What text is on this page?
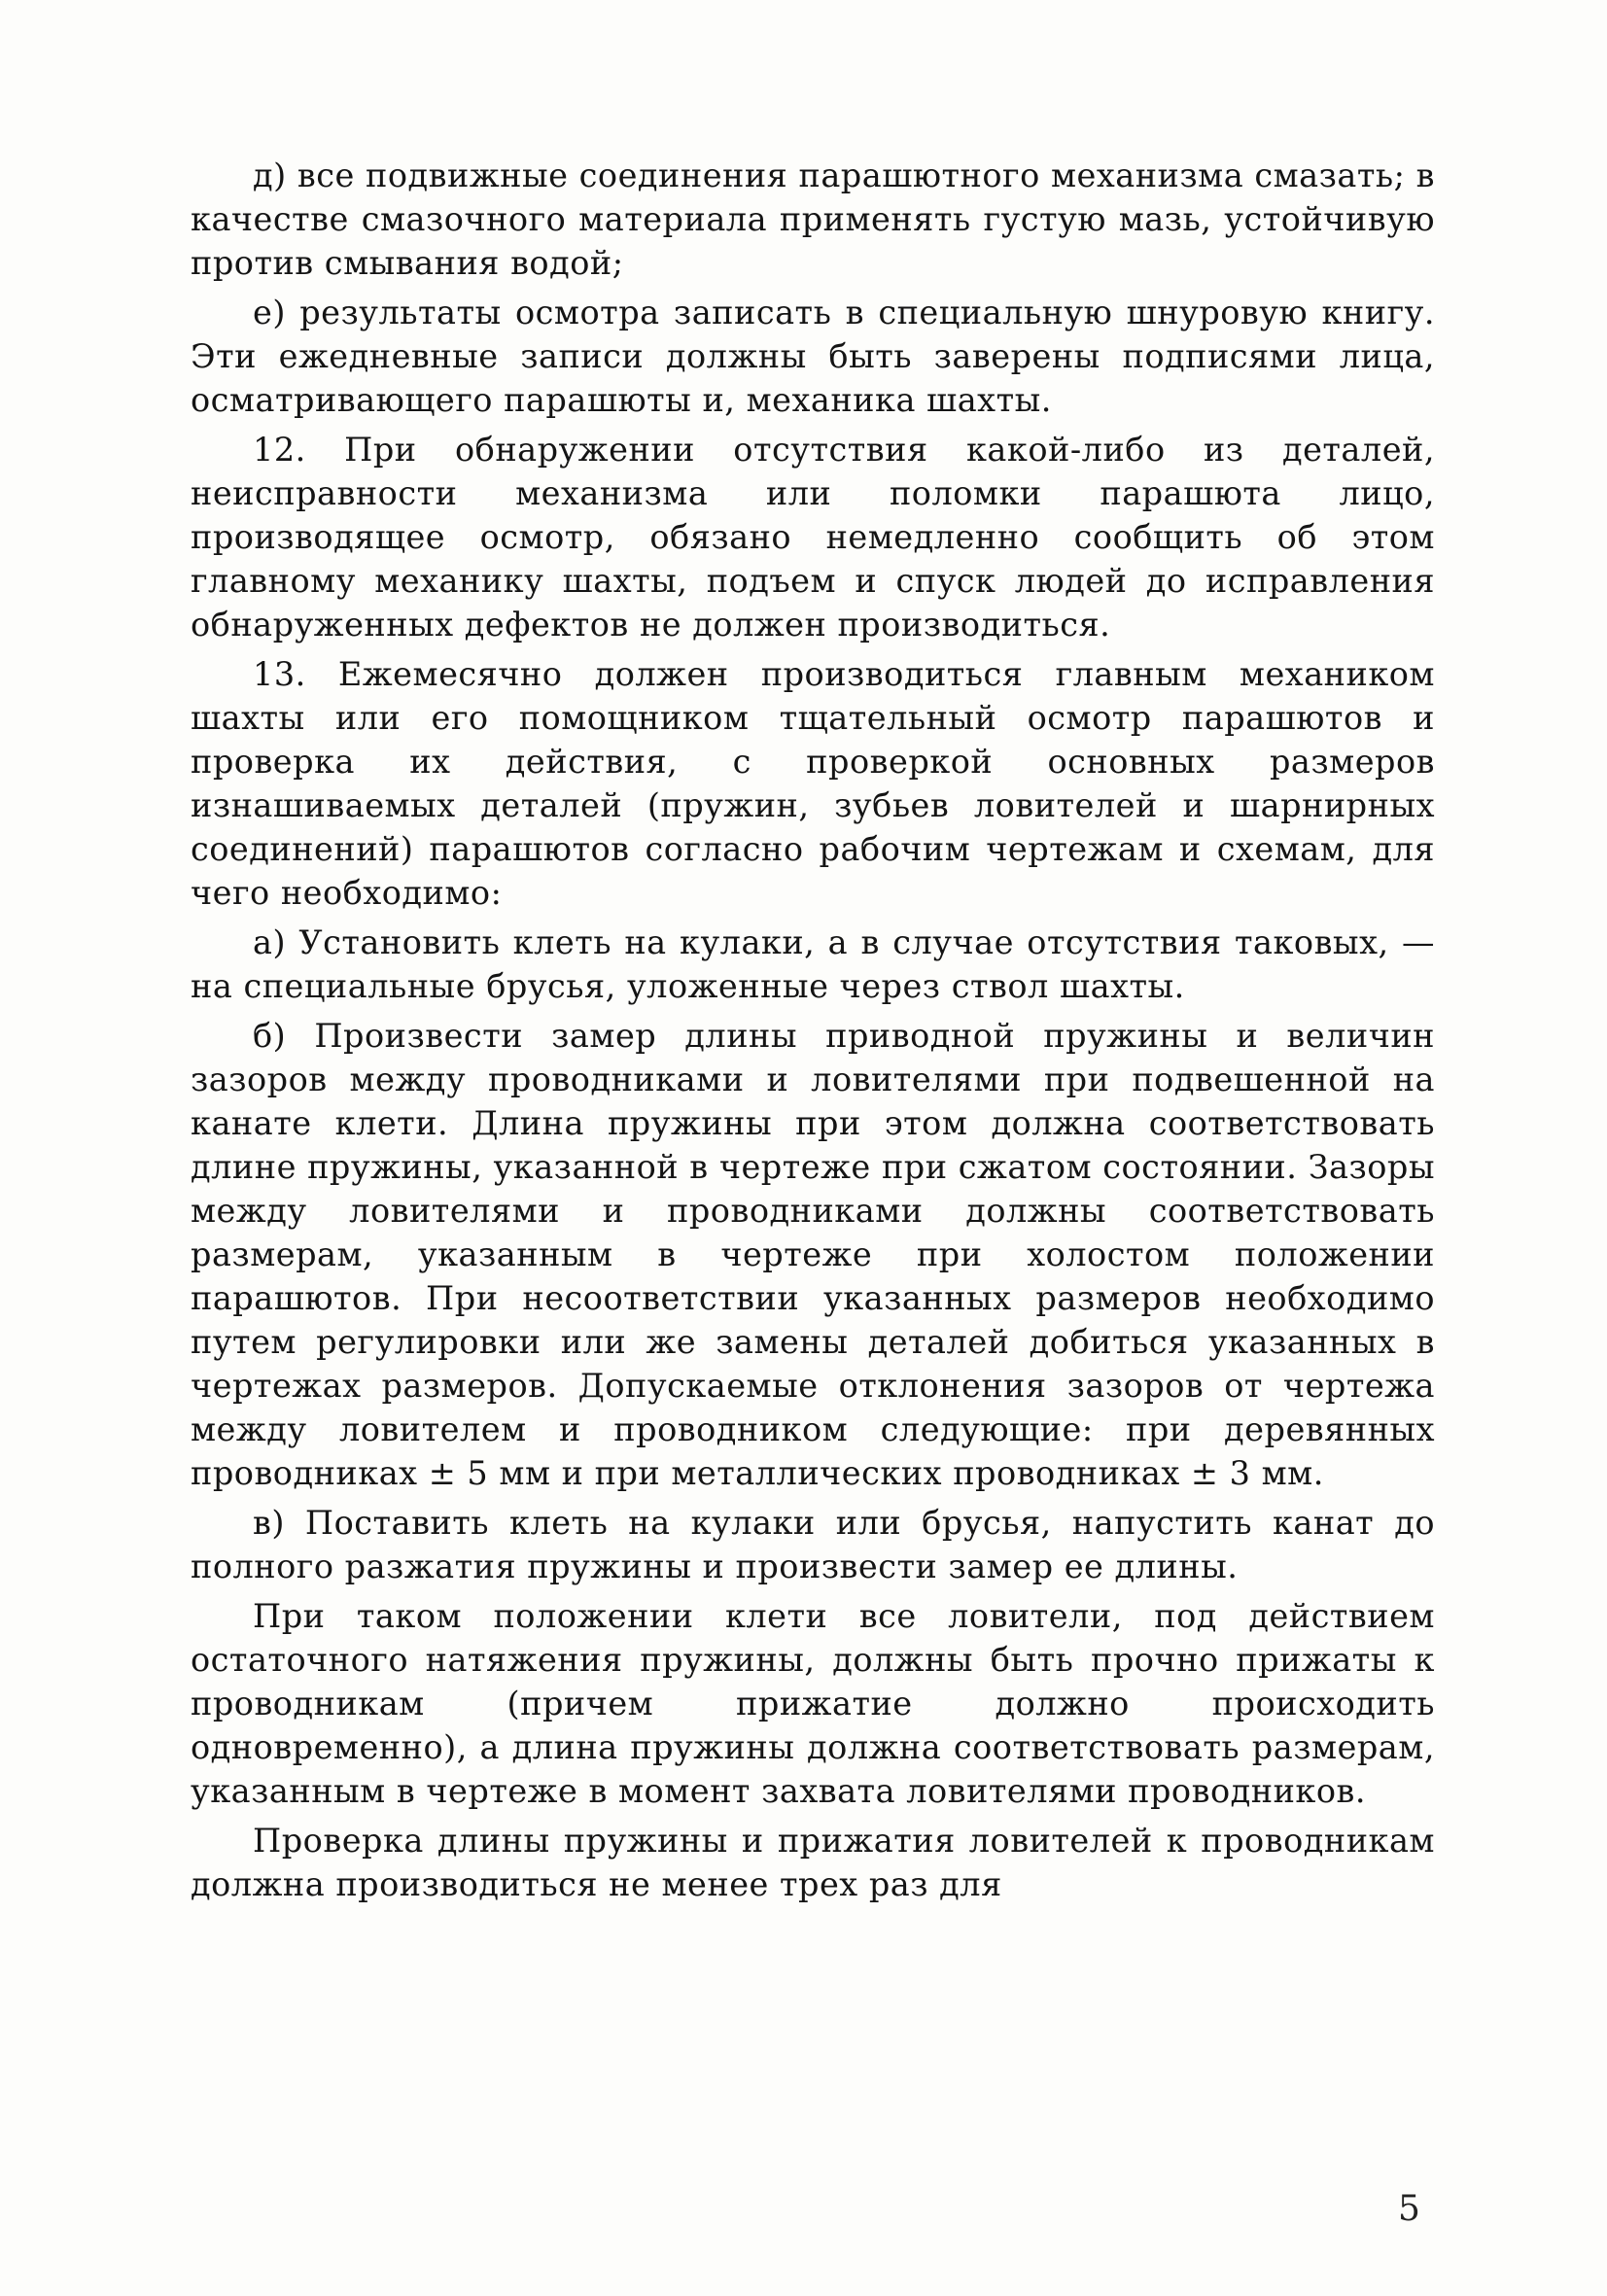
д) все подвижные соединения парашютного механизма смазать; в качестве смазочного материала применять густую мазь, устойчивую против смывания водой;

е) результаты осмотра записать в специальную шнуровую книгу. Эти ежедневные записи должны быть заверены подписями лица, осматривающего парашюты и, механика шахты.

12. При обнаружении отсутствия какой-либо из деталей, неисправности механизма или поломки парашюта лицо, производящее осмотр, обязано немедленно сообщить об этом главному механику шахты, подъем и спуск людей до исправления обнаруженных дефектов не должен производиться.

13. Ежемесячно должен производиться главным механиком шахты или его помощником тщательный осмотр парашютов и проверка их действия, с проверкой основных размеров изнашиваемых деталей (пружин, зубьев ловителей и шарнирных соединений) парашютов согласно рабочим чертежам и схемам, для чего необходимо:

а) Установить клеть на кулаки, а в случае отсутствия таковых, — на специальные брусья, уложенные через ствол шахты.

б) Произвести замер длины приводной пружины и величин зазоров между проводниками и ловителями при подвешенной на канате клети. Длина пружины при этом должна соответствовать длине пружины, указанной в чертеже при сжатом состоянии. Зазоры между ловителями и проводниками должны соответствовать размерам, указанным в чертеже при холостом положении парашютов. При несоответствии указанных размеров необходимо путем регулировки или же замены деталей добиться указанных в чертежах размеров. Допускаемые отклонения зазоров от чертежа между ловителем и проводником следующие: при деревянных проводниках ± 5 мм и при металлических проводниках ± 3 мм.

в) Поставить клеть на кулаки или брусья, напустить канат до полного разжатия пружины и произвести замер ее длины.

При таком положении клети все ловители, под действием остаточного натяжения пружины, должны быть прочно прижаты к проводникам (причем прижатие должно происходить одновременно), а длина пружины должна соответствовать размерам, указанным в чертеже в момент захвата ловителями проводников.

Проверка длины пружины и прижатия ловителей к проводникам должна производиться не менее трех раз для

5
